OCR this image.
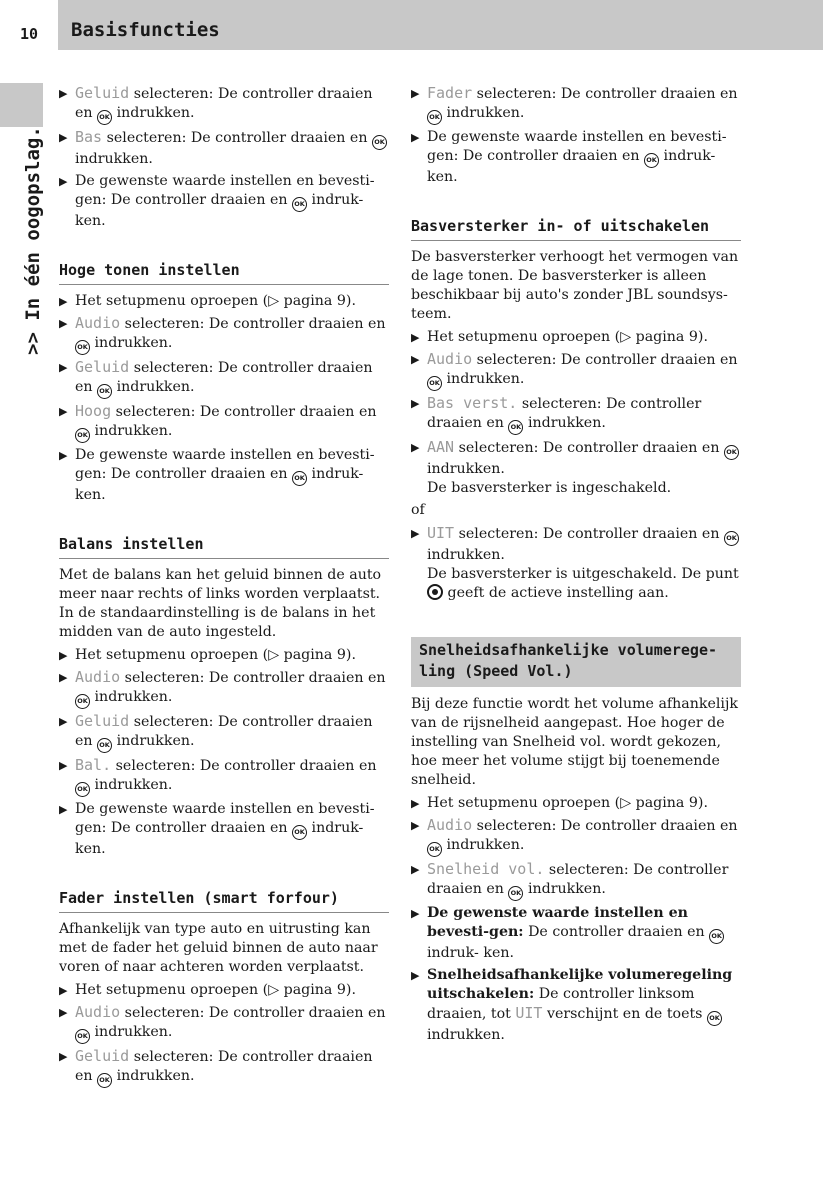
10	Basisfuncties
>> In één oogopslag.
▶ Geluid selecteren: De controller draaien en OK indrukken.
▶ Bas selecteren: De controller draaien en OK indrukken.
▶ De gewenste waarde instellen en bevesti- gen: De controller draaien en OK indruk- ken.
Hoge tonen instellen
▶ Het setupmenu oproepen (▷ pagina 9).
▶ Audio selecteren: De controller draaien en OK indrukken.
▶ Geluid selecteren: De controller draaien en OK indrukken.
▶ Hoog selecteren: De controller draaien en OK indrukken.
▶ De gewenste waarde instellen en bevesti- gen: De controller draaien en OK indruk- ken.
Balans instellen

Met de balans kan het geluid binnen de auto meer naar rechts of links worden verplaatst. In de standaardinstelling is de balans in het midden van de auto ingesteld.

▶ Het setupmenu oproepen (▷ pagina 9).
▶ Audio selecteren: De controller draaien en OK indrukken.
▶ Geluid selecteren: De controller draaien en OK indrukken.
▶ Bal. selecteren: De controller draaien en OK indrukken.
▶ De gewenste waarde instellen en bevesti- gen: De controller draaien en OK indruk- ken.
Fader instellen (smart forfour)

Afhankelijk van type auto en uitrusting kan met de fader het geluid binnen de auto naar voren of naar achteren worden verplaatst.

▶ Het setupmenu oproepen (▷ pagina 9).
▶ Audio selecteren: De controller draaien en OK indrukken.
▶ Geluid selecteren: De controller draaien en OK indrukken.
▶ Fader selecteren: De controller draaien en OK indrukken.
▶ De gewenste waarde instellen en bevesti- gen: De controller draaien en OK indruk- ken.
Basversterker in- of uitschakelen

De basversterker verhoogt het vermogen van de lage tonen. De basversterker is alleen beschikbaar bij auto's zonder JBL soundsys-teem.

▶ Het setupmenu oproepen (▷ pagina 9).
▶ Audio selecteren: De controller draaien en OK indrukken.
▶ Bas verst. selecteren: De controller draaien en OK indrukken.
▶ AAN selecteren: De controller draaien en OK indrukken.
De basversterker is ingeschakeld.
of
▶ UIT selecteren: De controller draaien en OK indrukken.
De basversterker is uitgeschakeld. De punt  geeft de actieve instelling aan.
Snelheidsafhankelijke volumerege-ling (Speed Vol.)

Bij deze functie wordt het volume afhankelijk van de rijsnelheid aangepast. Hoe hoger de instelling van Snelheid vol. wordt gekozen, hoe meer het volume stijgt bij toenemende snelheid.

▶ Het setupmenu oproepen (▷ pagina 9).
▶ Audio selecteren: De controller draaien en OK indrukken.
▶ Snelheid vol. selecteren: De controller draaien en OK indrukken.
▶ De gewenste waarde instellen en bevesti-gen: De controller draaien en OK indruk- ken.
▶ Snelheidsafhankelijke volumeregeling uitschakelen: De controller linksom draaien, tot UIT verschijnt en de toets OK indrukken.
